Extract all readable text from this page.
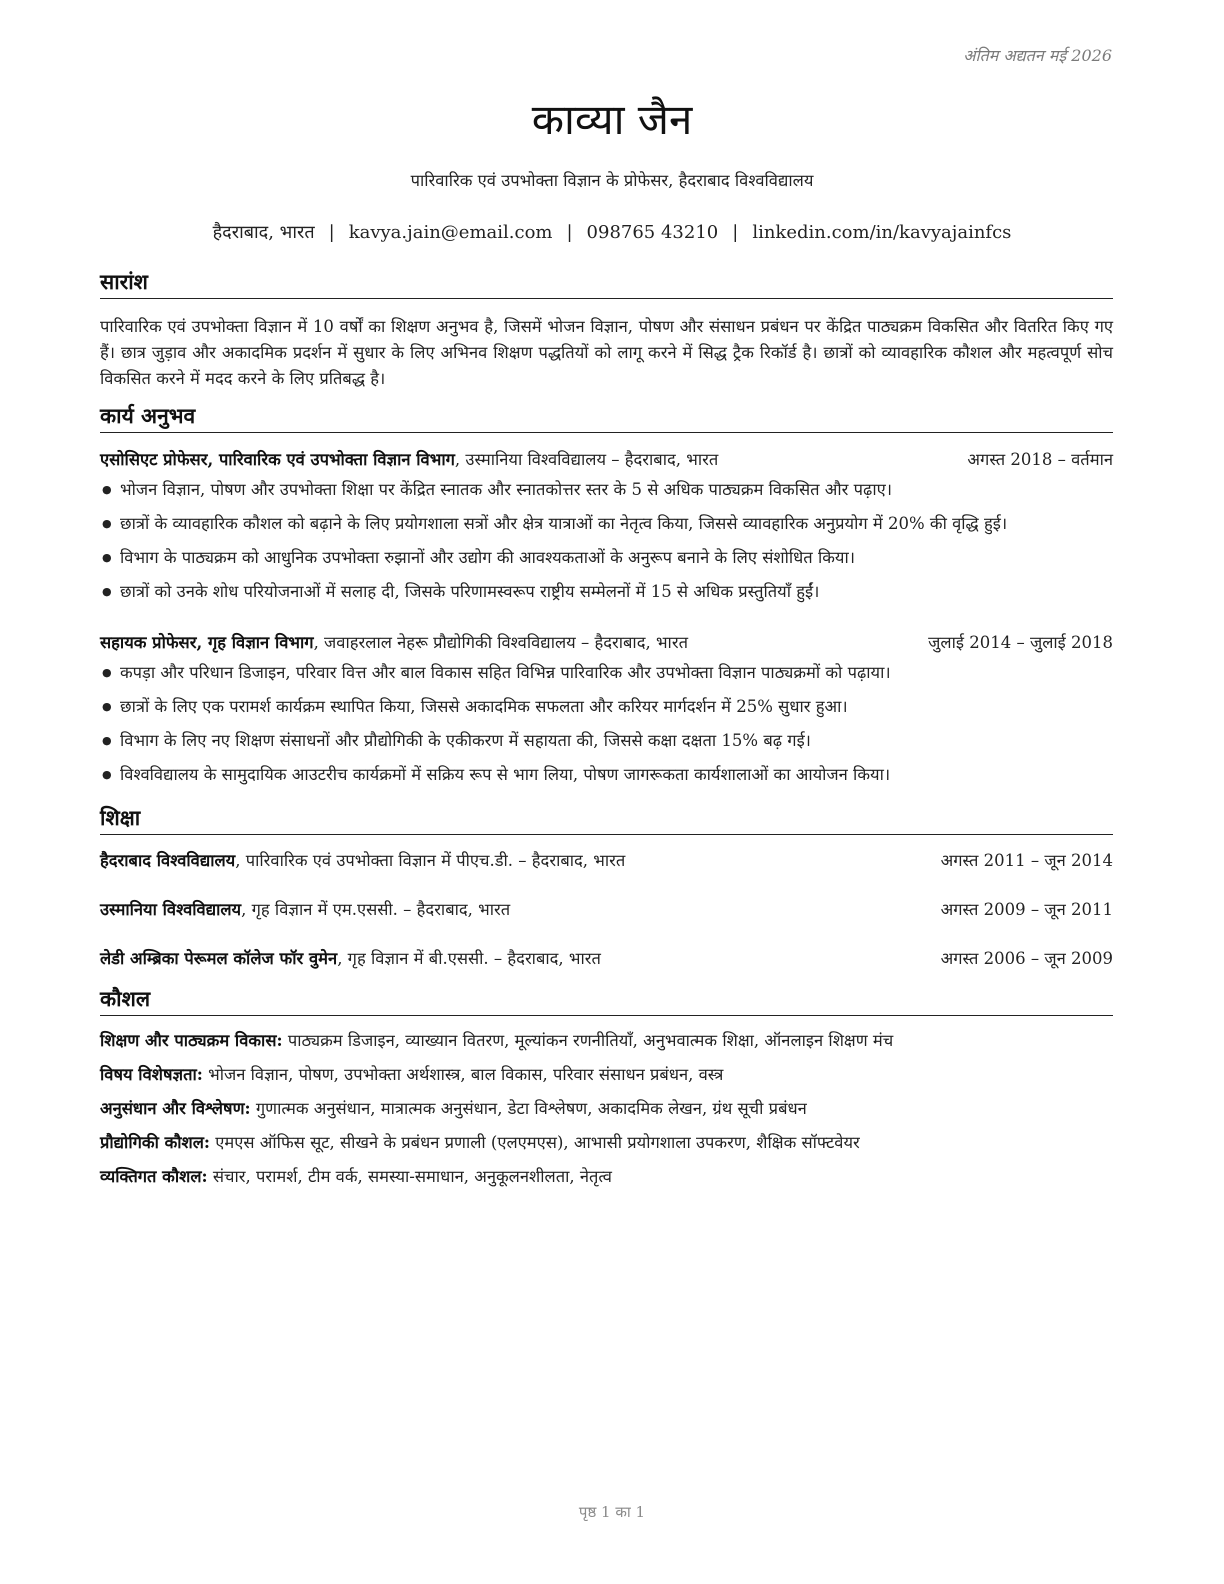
अंतिम अद्यतन मई 2026
काव्या जैन
पारिवारिक एवं उपभोक्ता विज्ञान के प्रोफेसर, हैदराबाद विश्वविद्यालय
हैदराबाद, भारत | kavya.jain@email.com | 098765 43210 | linkedin.com/in/kavyajainfcs
सारांश

पारिवारिक एवं उपभोक्ता विज्ञान में 10 वर्षों का शिक्षण अनुभव है, जिसमें भोजन विज्ञान, पोषण और संसाधन प्रबंधन पर केंद्रित पाठ्यक्रम विकसित और वितरित किए गए हैं। छात्र जुड़ाव और अकादमिक प्रदर्शन में सुधार के लिए अभिनव शिक्षण पद्धतियों को लागू करने में सिद्ध ट्रैक रिकॉर्ड है। छात्रों को व्यावहारिक कौशल और महत्वपूर्ण सोच विकसित करने में मदद करने के लिए प्रतिबद्ध है।

कार्य अनुभव
एसोसिएट प्रोफेसर, पारिवारिक एवं उपभोक्ता विज्ञान विभाग, उस्मानिया विश्वविद्यालय – हैदराबाद, भारत	अगस्त 2018 – वर्तमान
● भोजन विज्ञान, पोषण और उपभोक्ता शिक्षा पर केंद्रित स्नातक और स्नातकोत्तर स्तर के 5 से अधिक पाठ्यक्रम विकसित और पढ़ाए।
● छात्रों के व्यावहारिक कौशल को बढ़ाने के लिए प्रयोगशाला सत्रों और क्षेत्र यात्राओं का नेतृत्व किया, जिससे व्यावहारिक अनुप्रयोग में 20% की वृद्धि हुई।
● विभाग के पाठ्यक्रम को आधुनिक उपभोक्ता रुझानों और उद्योग की आवश्यकताओं के अनुरूप बनाने के लिए संशोधित किया।
● छात्रों को उनके शोध परियोजनाओं में सलाह दी, जिसके परिणामस्वरूप राष्ट्रीय सम्मेलनों में 15 से अधिक प्रस्तुतियाँ हुईं।
सहायक प्रोफेसर, गृह विज्ञान विभाग, जवाहरलाल नेहरू प्रौद्योगिकी विश्वविद्यालय – हैदराबाद, भारत	जुलाई 2014 – जुलाई 2018
● कपड़ा और परिधान डिजाइन, परिवार वित्त और बाल विकास सहित विभिन्न पारिवारिक और उपभोक्ता विज्ञान पाठ्यक्रमों को पढ़ाया।
● छात्रों के लिए एक परामर्श कार्यक्रम स्थापित किया, जिससे अकादमिक सफलता और करियर मार्गदर्शन में 25% सुधार हुआ।
● विभाग के लिए नए शिक्षण संसाधनों और प्रौद्योगिकी के एकीकरण में सहायता की, जिससे कक्षा दक्षता 15% बढ़ गई।
● विश्वविद्यालय के सामुदायिक आउटरीच कार्यक्रमों में सक्रिय रूप से भाग लिया, पोषण जागरूकता कार्यशालाओं का आयोजन किया।
शिक्षा
हैदराबाद विश्वविद्यालय, पारिवारिक एवं उपभोक्ता विज्ञान में पीएच.डी. – हैदराबाद, भारत	अगस्त 2011 – जून 2014
उस्मानिया विश्वविद्यालय, गृह विज्ञान में एम.एससी. – हैदराबाद, भारत	अगस्त 2009 – जून 2011
लेडी अम्ब्रिका पेरूमल कॉलेज फॉर वुमेन, गृह विज्ञान में बी.एससी. – हैदराबाद, भारत	अगस्त 2006 – जून 2009
कौशल
शिक्षण और पाठ्यक्रम विकास: पाठ्यक्रम डिजाइन, व्याख्यान वितरण, मूल्यांकन रणनीतियाँ, अनुभवात्मक शिक्षा, ऑनलाइन शिक्षण मंच
विषय विशेषज्ञता: भोजन विज्ञान, पोषण, उपभोक्ता अर्थशास्त्र, बाल विकास, परिवार संसाधन प्रबंधन, वस्त्र
अनुसंधान और विश्लेषण: गुणात्मक अनुसंधान, मात्रात्मक अनुसंधान, डेटा विश्लेषण, अकादमिक लेखन, ग्रंथ सूची प्रबंधन
प्रौद्योगिकी कौशल: एमएस ऑफिस सूट, सीखने के प्रबंधन प्रणाली (एलएमएस), आभासी प्रयोगशाला उपकरण, शैक्षिक सॉफ्टवेयर
व्यक्तिगत कौशल: संचार, परामर्श, टीम वर्क, समस्या-समाधान, अनुकूलनशीलता, नेतृत्व
पृष्ठ 1 का 1
